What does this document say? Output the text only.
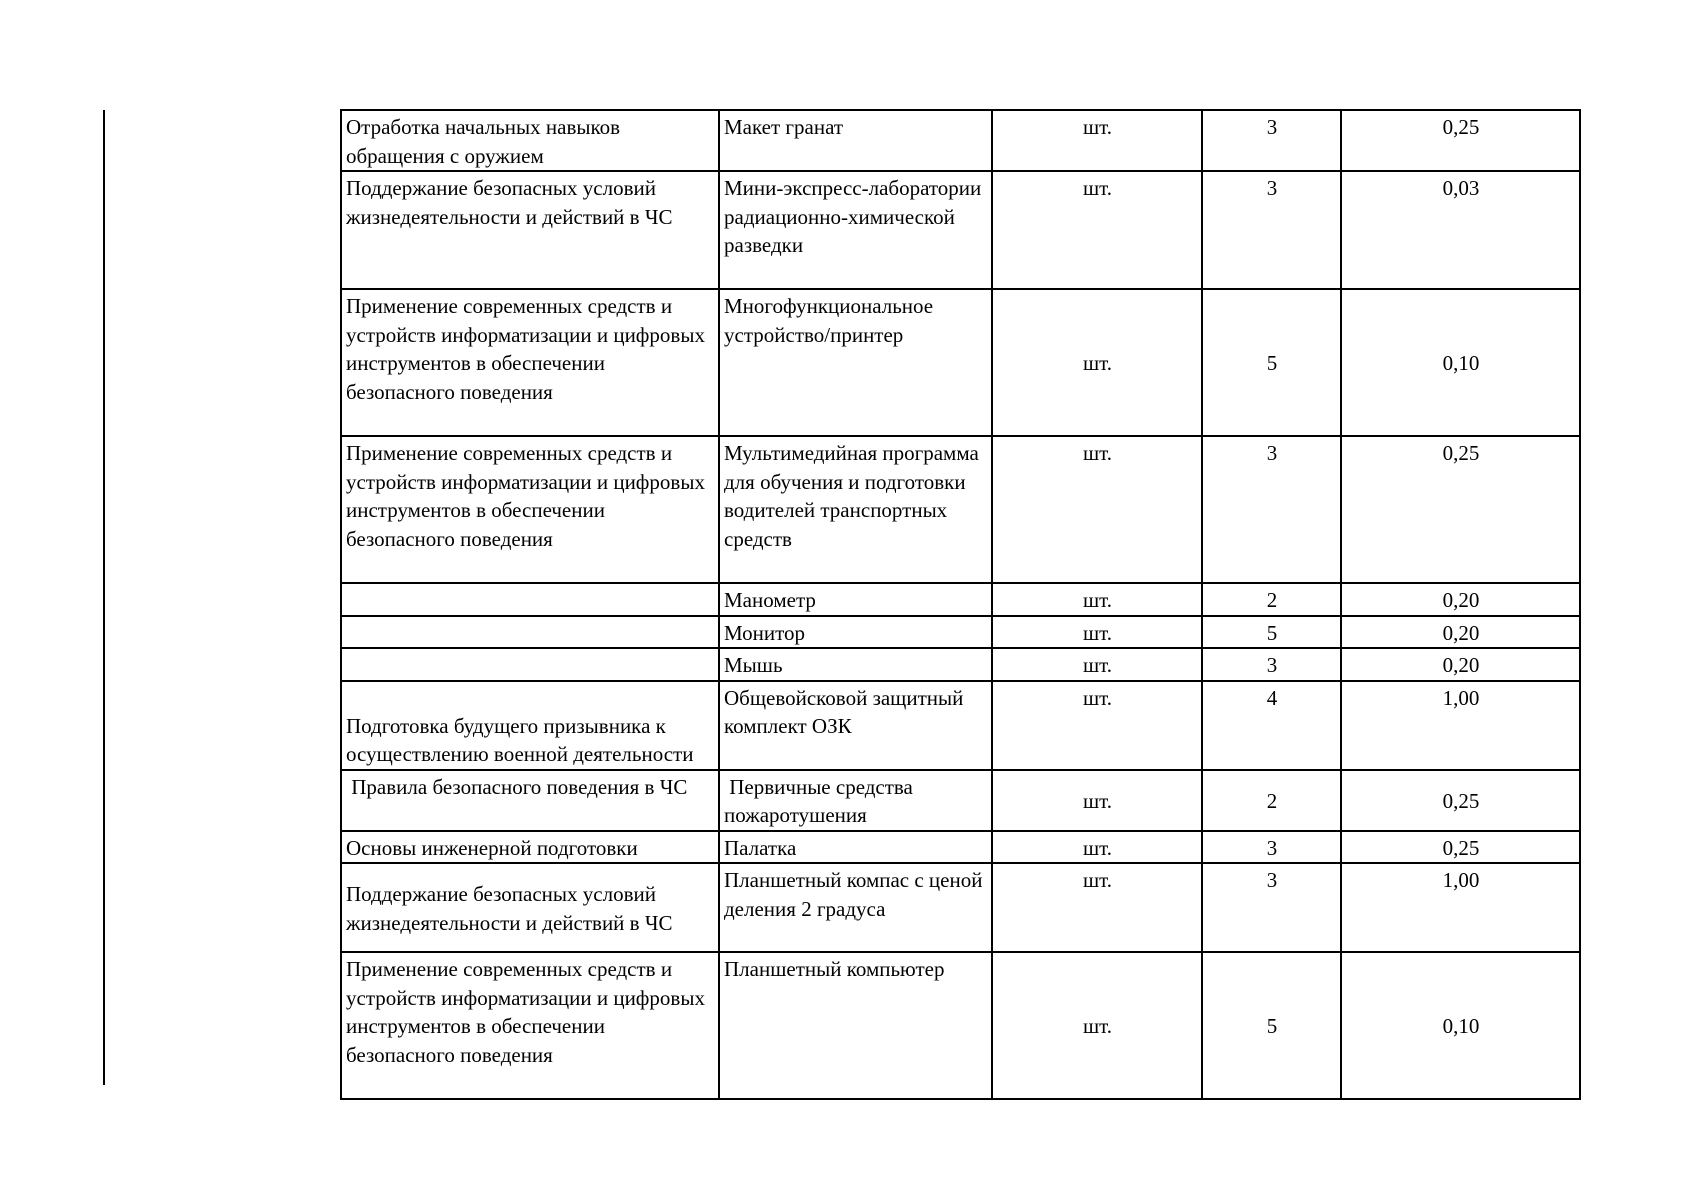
Отработка начальных навыков обращения с оружием	Макет гранат	шт.	3	0,25
Поддержание безопасных условий жизнедеятельности и действий в ЧС	Мини-экспресс-лаборатории радиационно-химической разведки	шт.	3	0,03
Применение современных средств и устройств информатизации и цифровых инструментов в обеспечении безопасного поведения	Многофункциональное устройство/принтер	шт.	5	0,10
Применение современных средств и устройств информатизации и цифровых инструментов в обеспечении безопасного поведения	Мультимедийная программа для обучения и подготовки водителей транспортных средств	шт.	3	0,25
	Манометр	шт.	2	0,20
	Монитор	шт.	5	0,20
	Мышь	шт.	3	0,20
Подготовка будущего призывника к осуществлению военной деятельности	Общевойсковой защитный комплект ОЗК	шт.	4	1,00
Правила безопасного поведения в ЧС	Первичные средства пожаротушения	шт.	2	0,25
Основы инженерной подготовки	Палатка	шт.	3	0,25
Поддержание безопасных условий жизнедеятельности и действий в ЧС	Планшетный компас с ценой деления 2 градуса	шт.	3	1,00
Применение современных средств и устройств информатизации и цифровых инструментов в обеспечении безопасного поведения	Планшетный компьютер	шт.	5	0,10
